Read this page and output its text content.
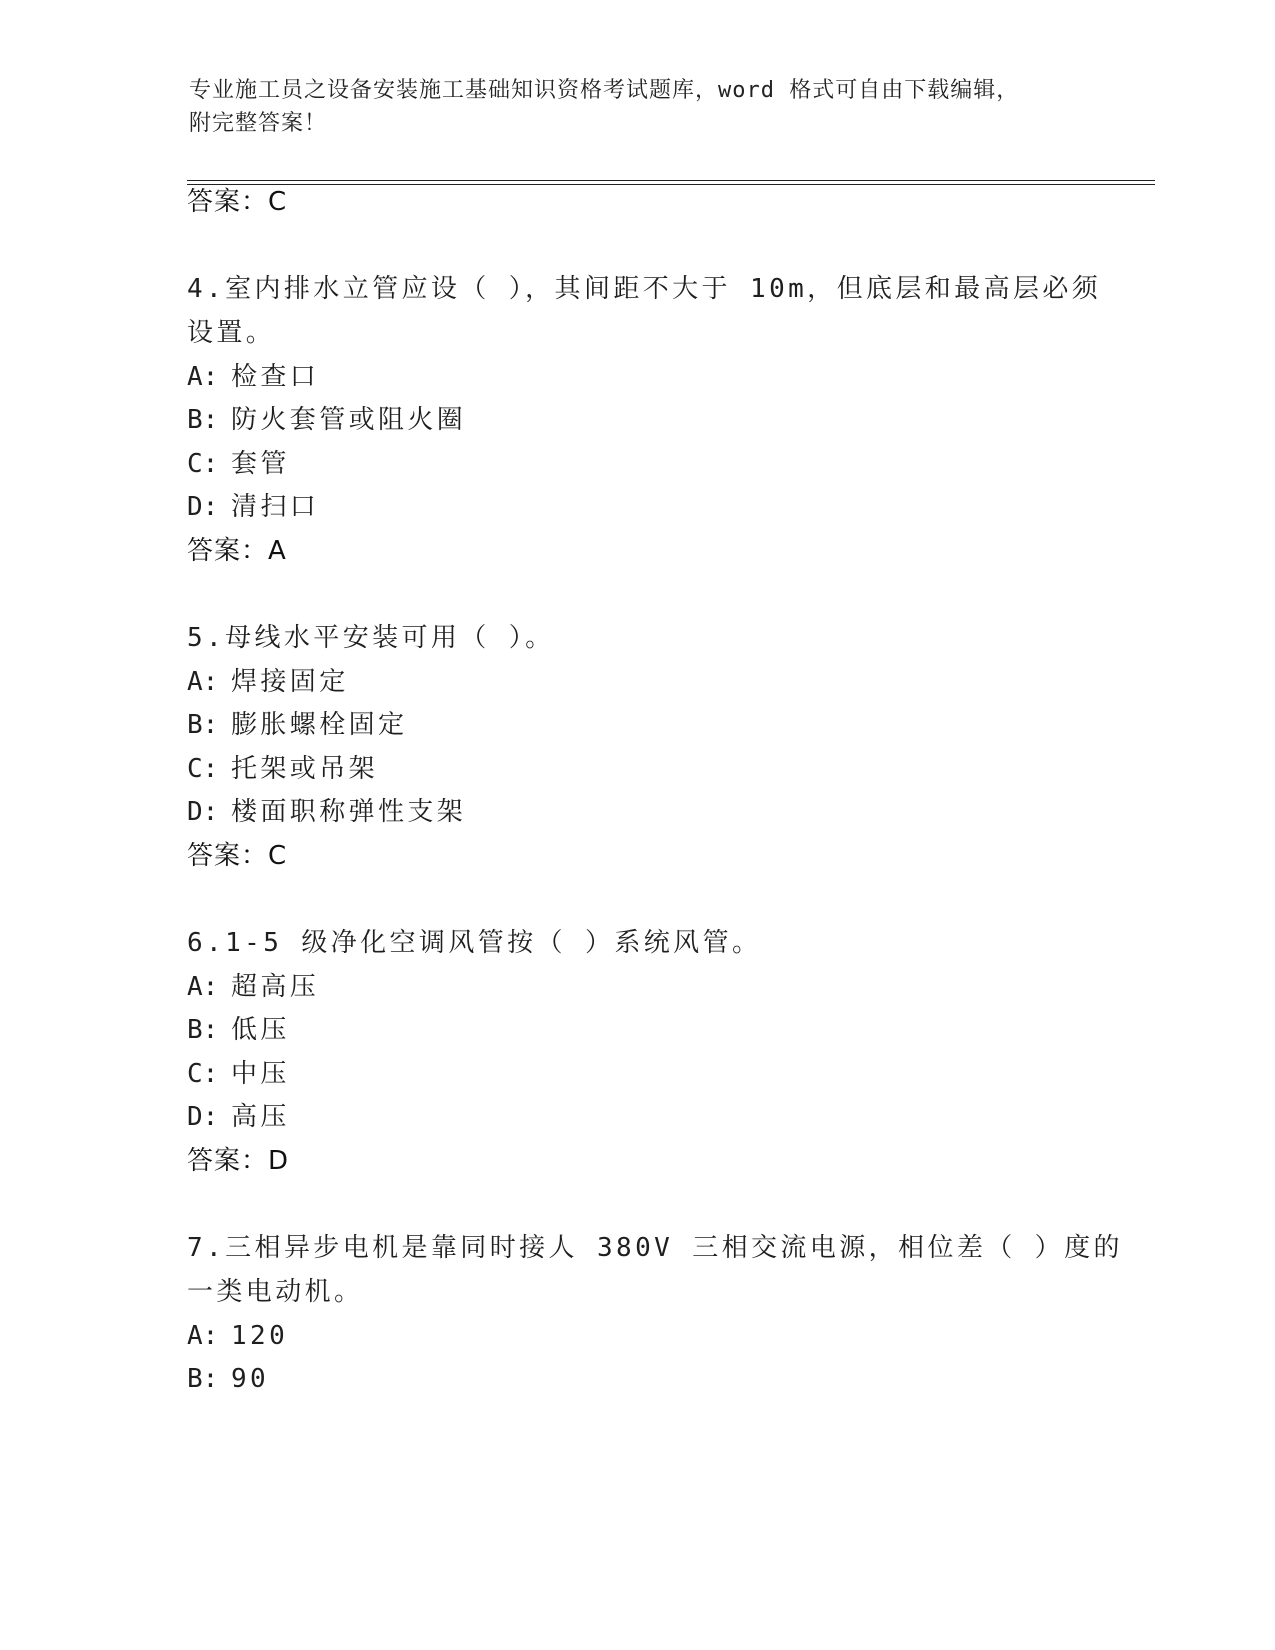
专业施工员之设备安装施工基础知识资格考试题库，word 格式可自由下载编辑，
附完整答案！
答案：C
4.室内排水立管应设（ ），其间距不大于 10m，但底层和最高层必须
设置。
A: 检查口
B: 防火套管或阻火圈
C: 套管
D: 清扫口
答案：A
5.母线水平安装可用（ ）。
A: 焊接固定
B: 膨胀螺栓固定
C: 托架或吊架
D: 楼面职称弹性支架
答案：C
6.1-5 级净化空调风管按（ ）系统风管。
A: 超高压
B: 低压
C: 中压
D: 高压
答案：D
7.三相异步电机是靠同时接人 380V 三相交流电源，相位差（ ）度的
一类电动机。
A: 120
B: 90
